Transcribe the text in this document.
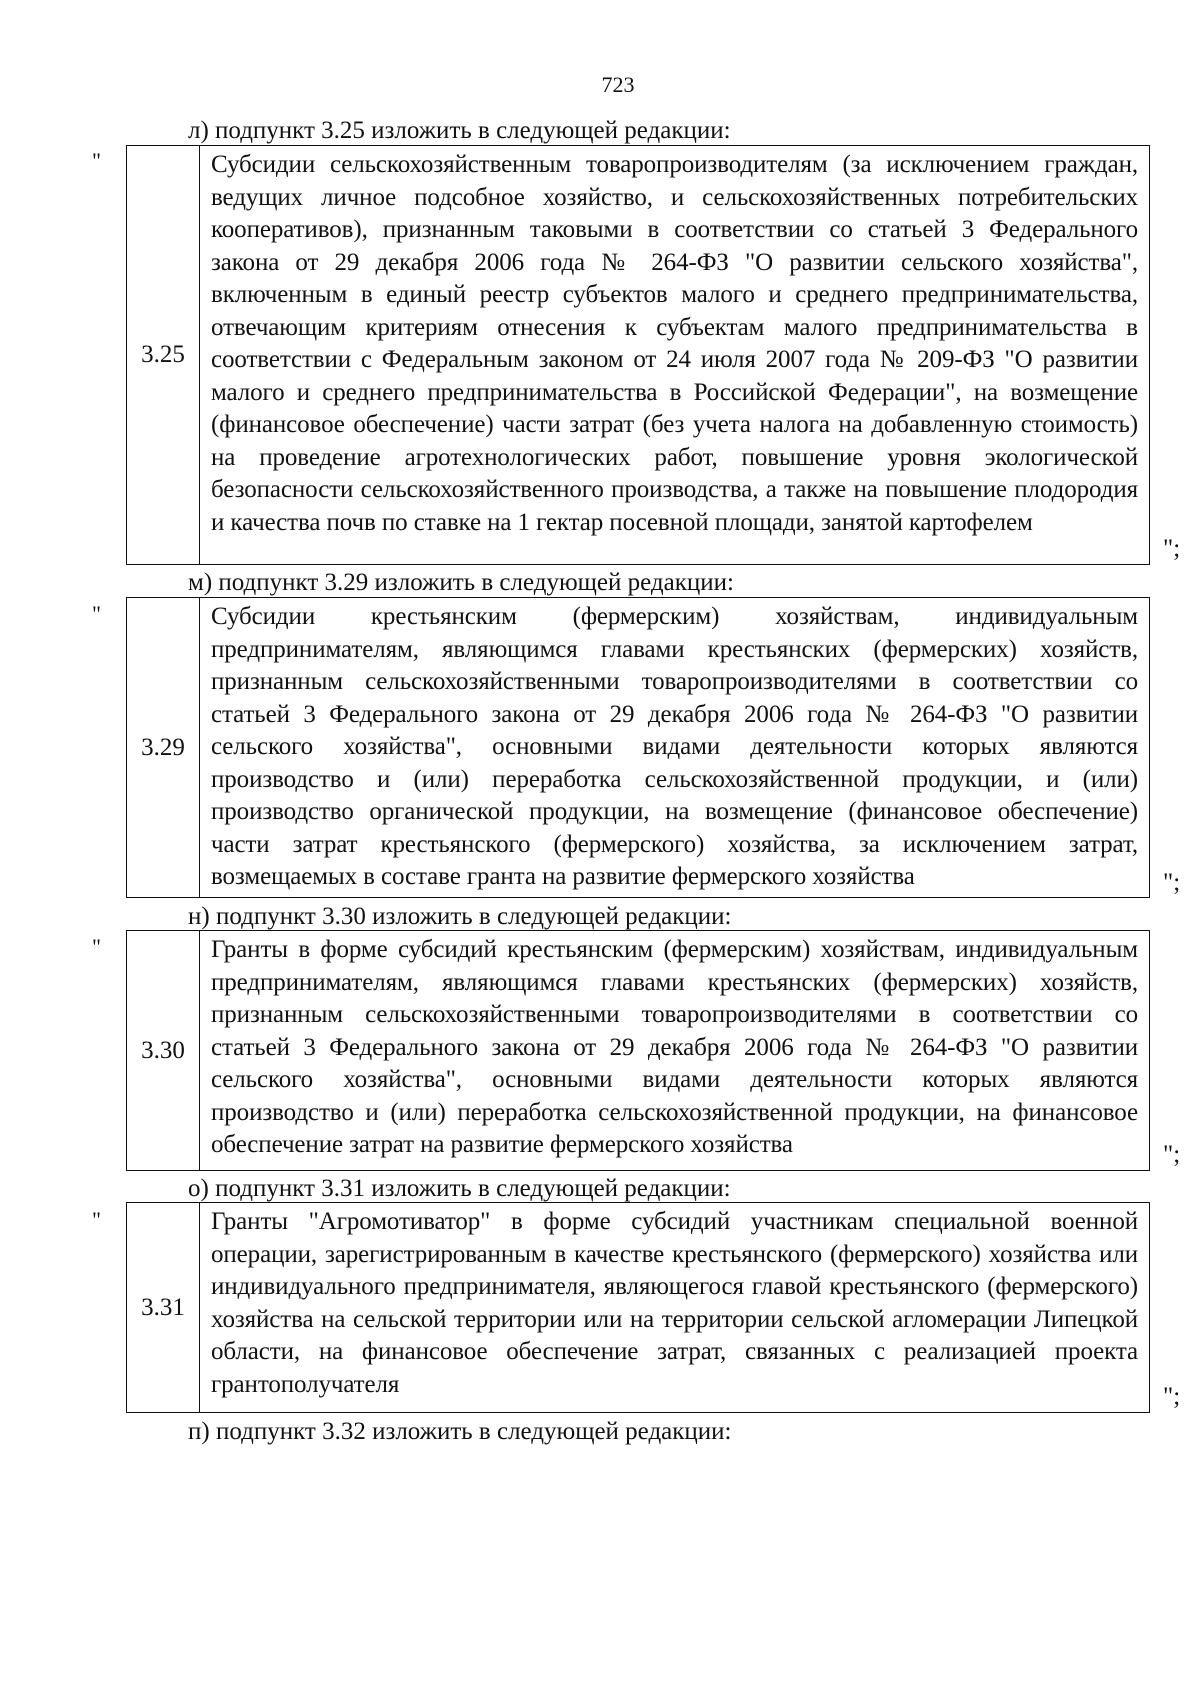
723
л) подпункт 3.25 изложить в следующей редакции:
"
3.25
Субсидии сельскохозяйственным товаропроизводителям (за исключением граждан, ведущих личное подсобное хозяйство, и сельскохозяйственных потребительских кооперативов), признанным таковыми в соответствии со статьей 3 Федерального закона от 29 декабря 2006 года № 264-ФЗ "О развитии сельского хозяйства", включенным в единый реестр субъектов малого и среднего предпринимательства, отвечающим критериям отнесения к субъектам малого предпринимательства в соответствии с Федеральным законом от 24 июля 2007 года № 209-ФЗ "О развитии малого и среднего предпринимательства в Российской Федерации", на возмещение (финансовое обеспечение) части затрат (без учета налога на добавленную стоимость) на проведение агротехнологических работ, повышение уровня экологической безопасности сельскохозяйственного производства, а также на повышение плодородия и качества почв по ставке на 1 гектар посевной площади, занятой картофелем
";
м) подпункт 3.29 изложить в следующей редакции:
"
3.29
Субсидии крестьянским (фермерским) хозяйствам, индивидуальным предпринимателям, являющимся главами крестьянских (фермерских) хозяйств, признанным сельскохозяйственными товаропроизводителями в соответствии со статьей 3 Федерального закона от 29 декабря 2006 года № 264-ФЗ "О развитии сельского хозяйства", основными видами деятельности которых являются производство и (или) переработка сельскохозяйственной продукции, и (или) производство органической продукции, на возмещение (финансовое обеспечение) части затрат крестьянского (фермерского) хозяйства, за исключением затрат, возмещаемых в составе гранта на развитие фермерского хозяйства	";
н) подпункт 3.30 изложить в следующей редакции:
"
3.30
Гранты в форме субсидий крестьянским (фермерским) хозяйствам, индивидуальным предпринимателям, являющимся главами крестьянских (фермерских) хозяйств, признанным сельскохозяйственными товаропроизводителями в соответствии со статьей 3 Федерального закона от 29 декабря 2006 года № 264-ФЗ "О развитии сельского хозяйства", основными видами деятельности которых являются производство и (или) переработка сельскохозяйственной продукции, на финансовое обеспечение затрат на развитие фермерского хозяйства	";
о) подпункт 3.31 изложить в следующей редакции:
"
3.31
Гранты "Агромотиватор" в форме субсидий участникам специальной военной операции, зарегистрированным в качестве крестьянского (фермерского) хозяйства или индивидуального предпринимателя, являющегося главой крестьянского (фермерского) хозяйства на сельской территории или на территории сельской агломерации Липецкой области, на финансовое обеспечение затрат, связанных с реализацией проекта грантополучателя	";
п) подпункт 3.32 изложить в следующей редакции:
